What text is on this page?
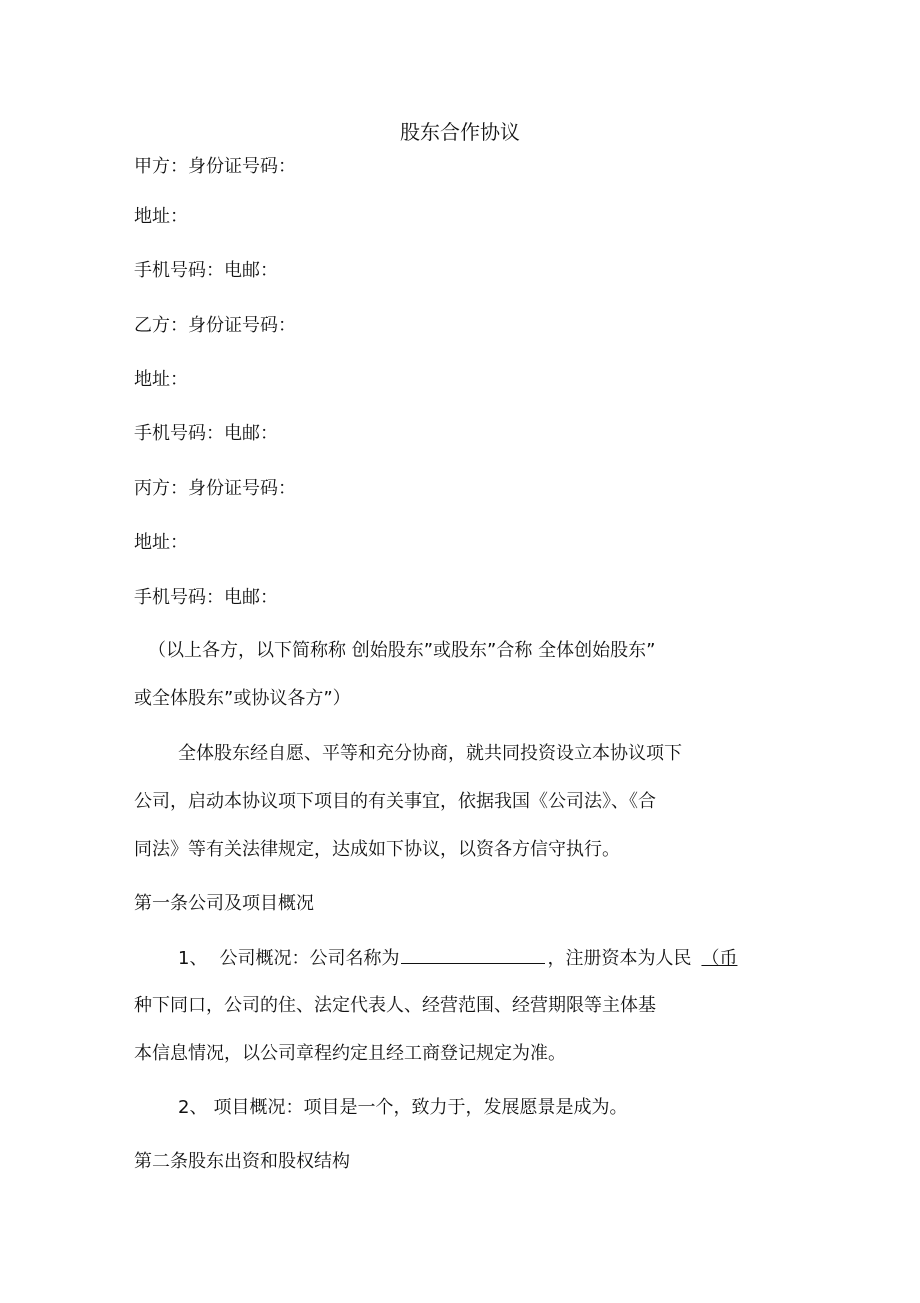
股东合作协议

甲方：身份证号码：

地址：

手机号码：电邮：

乙方：身份证号码：

地址：

手机号码：电邮：

丙方：身份证号码：

地址：

手机号码：电邮：

（以上各方，以下简称称 创始股东”或股东”合称 全体创始股东”

或全体股东”或协议各方”）

全体股东经自愿、平等和充分协商，就共同投资设立本协议项下

公司，启动本协议项下项目的有关事宜，依据我国《公司法》、《合

同法》等有关法律规定，达成如下协议，以资各方信守执行。

第一条公司及项目概况

1、 公司概况：公司名称为	，注册资本为人民 （币

种下同口，公司的住、法定代表人、经营范围、经营期限等主体基

本信息情况，以公司章程约定且经工商登记规定为准。

2、 项目概况：项目是一个，致力于，发展愿景是成为。

第二条股东出资和股权结构
